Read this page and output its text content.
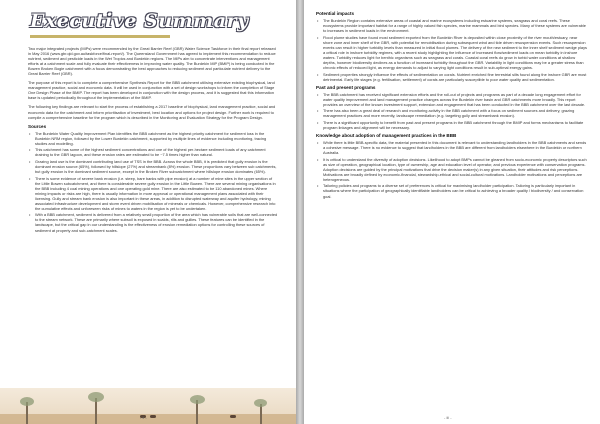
Executive Summary

Two major integrated projects (MIPs) were recommended by the Great Barrier Reef (GBR) Water Science Taskforce in their final report released in May 2016 (www.gbr.qld.gov.au/taskforce/final-report/). The Queensland Government has agreed to implement this recommendation to reduce nutrient, sediment and pesticide loads in the Wet Tropics and Burdekin regions. The MIPs aim to concentrate interventions and management efforts at a catchment scale and fully evaluate their effectiveness in improving water quality. The Burdekin MIP (BMIP) is being conducted in the Bowen Broken Bogie catchment with a focus demonstrating the best approaches to reducing sediment and particulate nutrient delivery to the Great Barrier Reef (GBR).

The purpose of this report is to complete a comprehensive Synthesis Report for the BBB catchment utilising extensive existing biophysical, land management practice, social and economic data. It will be used in conjunction with a set of design workshops to inform the completion of Stage One Design Phase of the BMIP. The report has been developed in conjunction with the design process, and it is suggested that this information base is updated periodically throughout the implementation of the BMIP.

The following key findings are relevant to start the process of establishing a 2017 baseline of biophysical, land management practice, social and economic data for the catchment and inform prioritisation of investment, best location and options for project design. Further work is required to compile a comprehensive baseline for the program which is described in the Monitoring and Evaluation Strategy for the Program Design.

Sources
• The Burdekin Water Quality Improvement Plan identifies the BBB catchment as the highest priority catchment for sediment loss in the Burdekin NRM region, followed by the Lower Burdekin catchment, supported by multiple lines of evidence including monitoring, tracing studies and modelling.
• This catchment has some of the highest sediment concentrations and one of the highest per-hectare sediment loads of any catchment draining to the GBR lagoon, and these erosion rates are estimated to be ~7.5 times higher than natural.
• Grazing land use is the dominant contributing land use of TSS in the BBB. Across the whole BBB, it is predicted that gully erosion is the dominant erosion source (65%), followed by hillslope (27%) and streambank (8%) erosion. These proportions vary between sub catchments, but gully erosion is the dominant sediment source, except in the Broken River subcatchment where hillslope erosion dominates (65%).
• There is some evidence of severe bank erosion (i.e. steep, bare banks with pipe erosion) at a number of mine sites in the upper section of the Little Bowen subcatchment, and there is considerable severe gully erosion in the Little Bowen. There are several mining organisations in the BBB including 4 coal mining operations and one operating gold mine. There are also estimated to be 110 abandoned mines. Where mining impacts or risks are high, there is usually information in more approval or operational management plans associated with their licensing. Gully and stream bank erosion is also important in these areas, in addition to disrupted waterway and aquifer hydrology, mining associated infrastructure development and storm event driven mobilisation of minerals or chemicals. However, comprehensive research into the cumulative effects and unforeseen risks of mines to waters in the region is yet to be undertaken.
• With a BBB catchment, sediment is delivered from a relatively small proportion of the area which has vulnerable soils that are well-connected to the stream network. These are primarily where subsoil is exposed in scalds, rills and gullies. These features can be identified in the landscape, but the critical gap in our understanding is the effectiveness of erosion remediation options for controlling these sources of sediment at property and sub-catchment scales.
- ii -
Potential impacts
• The Burdekin Region contains extensive areas of coastal and marine ecosystems including estuarine systems, seagrass and coral reefs. These ecosystems provide important habitat for a range of highly valued fish species, marine mammals and bird species. Many of these systems are vulnerable to increases in sediment loads in the environment.
• Flood plume studies have found most sediment exported from the Burdekin River is deposited within close proximity of the river mouth/estuary, near shore zone and inner shelf of the GBR, with potential for remobilisation during subsequent wind and tide driven resuspension events. Such resuspension events can result in higher turbidity levels than measured in initial flood plumes. The delivery of the new sediment to the inner shelf sediment wedge plays a critical role in inshore turbidity regimes, with a recent study highlighting the influence of increased flow/sediment loads on mean turbidity in inshore waters. Turbidity reduces light for benthic organisms such as seagrass and corals. Coastal coral reefs do grow in turbid water conditions at shallow depths, however biodiversity declines as a function of increased turbidity throughout the GBR. Variability in light conditions may be a greater stress than chronic effects of reduced light, as energy demands to adjust to varying light conditions result in sub-optimal energy gains.
• Sediment properties strongly influence the effects of sedimentation on corals. Nutrient enriched fine terrestrial silts found along the inshore GBR are most detrimental. Early life stages (e.g. fertilisation, settlement) of corals are particularly susceptible to poor water quality and sedimentation.
Past and present programs
• The BBB catchment has received significant extension efforts and the roll-out of projects and programs as part of a decade long engagement effort for water quality improvement and land management practice changes across the Burdekin river basin and GBR catchments more broadly. This report provides an overview of the known investment support, extension and engagement that has been conducted in the BBB catchment over the last decade.
• There has also been a great deal of research and monitoring activity in the BBB catchment with a focus on sediment sources and delivery, grazing management practices and more recently, landscape remediation (e.g. targeting gully and streambank erosion).
• There is a significant opportunity to benefit from past and present programs in the BBB catchment through the BMIP and forms mechanisms to facilitate program linkages and alignment will be necessary.
Knowledge about adoption of management practices in the BBB
• While there is little BBB-specific data, the material presented in this document is relevant to understanding landholders in the BBB catchments and sends a cohesive message. There is no evidence to suggest that landholders in the BBB are different from landholders elsewhere in the Burdekin or northern Australia.
• It is critical to understand the diversity of adoption decisions. Likelihood to adopt BMPs cannot be gleaned from socio-economic property descriptors such as size of operation, geographical location, type of ownership, age and education level of operator, and previous experience with conservation programs. Adoption decisions are guided by the principal motivations that drive the decision maker(s) in any given situation, their attitudes and risk perceptions. Motivations are broadly defined by economic-financial, stewardship-ethical and social-cultural motivations. Landholder motivations and perceptions are heterogeneous.
• Tailoring policies and programs to a diverse set of preferences is critical for maximising landholder participation. Tailoring is particularly important in situations where the participation of geographically identifiable landholders can be critical to achieving a broader quality / biodiversity / and conservation goal.
- iii -
